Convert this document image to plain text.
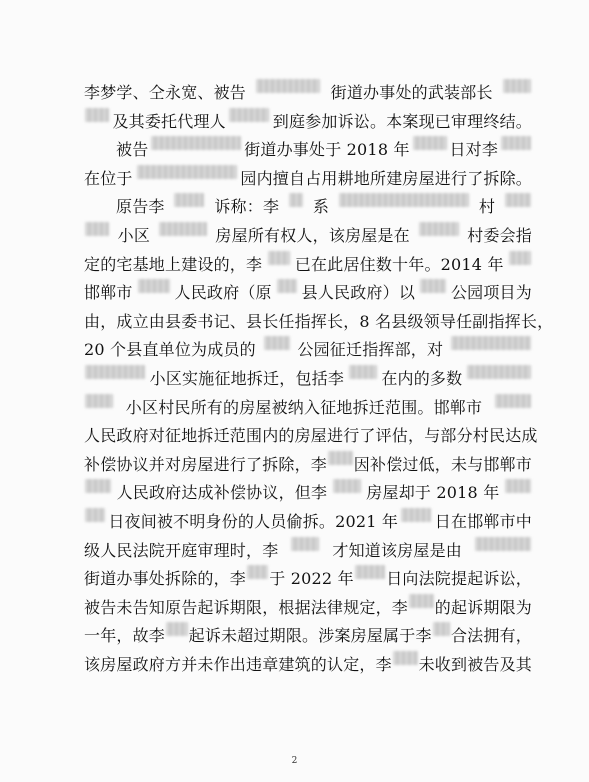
李梦学、仝永宽、被告	街道办事处的武装部长
及其委托代理人	到庭参加诉讼。本案现已审理终结。
被告	街道办事处于 2018 年 日对李
在位于	园内擅自占用耕地所建房屋进行了拆除。
原告李	诉称：李 系	村
小区	房屋所有权人，该房屋是在	村委会指
定的宅基地上建设的，李 已在此居住数十年。2014 年
邯郸市	人民政府（原 县人民政府）以 公园项目为
由，成立由县委书记、县长任指挥长，8 名县级领导任副指挥长，
20 个县直单位为成员的	公园征迁指挥部，对
小区实施征地拆迁，包括李 在内的多数
小区村民所有的房屋被纳入征地拆迁范围。邯郸市
人民政府对征地拆迁范围内的房屋进行了评估，与部分村民达成
补偿协议并对房屋进行了拆除，李 因补偿过低，未与邯郸市
人民政府达成补偿协议，但李 房屋却于 2018 年
日夜间被不明身份的人员偷拆。2021 年 日在邯郸市中
级人民法院开庭审理时，李	才知道该房屋是由
街道办事处拆除的，李 于 2022 年 日向法院提起诉讼，
被告未告知原告起诉期限，根据法律规定，李 的起诉期限为
一年，故李 起诉未超过期限。涉案房屋属于李 合法拥有，
该房屋政府方并未作出违章建筑的认定，李 未收到被告及其
2
